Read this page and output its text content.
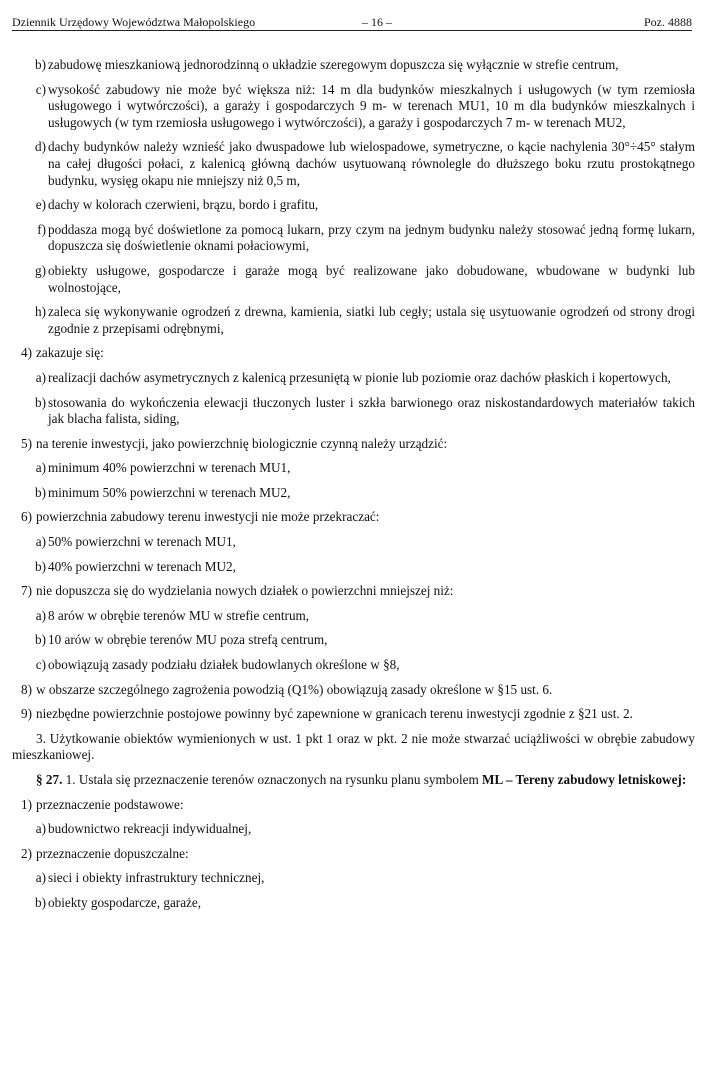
Dziennik Urzędowy Województwa Małopolskiego	– 16 –	Poz. 4888
b) zabudowę mieszkaniową jednorodzinną o układzie szeregowym dopuszcza się wyłącznie w strefie centrum,
c) wysokość zabudowy nie może być większa niż: 14 m dla budynków mieszkalnych i usługowych (w tym rzemiosła usługowego i wytwórczości), a garaży i gospodarczych 9 m- w terenach MU1, 10 m dla budynków mieszkalnych i usługowych (w tym rzemiosła usługowego i wytwórczości), a garaży i gospodarczych 7 m- w terenach MU2,
d) dachy budynków należy wznieść jako dwuspadowe lub wielospadowe, symetryczne, o kącie nachylenia 30°÷45° stałym na całej długości połaci, z kalenicą główną dachów usytuowaną równolegle do dłuższego boku rzutu prostokątnego budynku, wysięg okapu nie mniejszy niż 0,5 m,
e) dachy w kolorach czerwieni, brązu, bordo i grafitu,
f) poddasza mogą być doświetlone za pomocą lukarn, przy czym na jednym budynku należy stosować jedną formę lukarn, dopuszcza się doświetlenie oknami połaciowymi,
g) obiekty usługowe, gospodarcze i garaże mogą być realizowane jako dobudowane, wbudowane w budynki lub wolnostojące,
h) zaleca się wykonywanie ogrodzeń z drewna, kamienia, siatki lub cegły; ustala się usytuowanie ogrodzeń od strony drogi zgodnie z przepisami odrębnymi,
4) zakazuje się:
a) realizacji dachów asymetrycznych z kalenicą przesuniętą w pionie lub poziomie oraz dachów płaskich i kopertowych,
b) stosowania do wykończenia elewacji tłuczonych luster i szkła barwionego oraz niskostandardowych materiałów takich jak blacha falista, siding,
5) na terenie inwestycji, jako powierzchnię biologicznie czynną należy urządzić:
a) minimum 40% powierzchni w terenach MU1,
b) minimum 50% powierzchni w terenach MU2,
6) powierzchnia zabudowy terenu inwestycji nie może przekraczać:
a) 50% powierzchni w terenach MU1,
b) 40% powierzchni w terenach MU2,
7) nie dopuszcza się do wydzielania nowych działek o powierzchni mniejszej niż:
a) 8 arów w obrębie terenów MU w strefie centrum,
b) 10 arów w obrębie terenów MU poza strefą centrum,
c) obowiązują zasady podziału działek budowlanych określone w §8,
8) w obszarze szczególnego zagrożenia powodzią (Q1%) obowiązują zasady określone w §15 ust. 6.
9) niezbędne powierzchnie postojowe powinny być zapewnione w granicach terenu inwestycji zgodnie z §21 ust. 2.
3. Użytkowanie obiektów wymienionych w ust. 1 pkt 1 oraz w pkt. 2 nie może stwarzać uciążliwości w obrębie zabudowy mieszkaniowej.
§ 27. 1. Ustala się przeznaczenie terenów oznaczonych na rysunku planu symbolem ML – Tereny zabudowy letniskowej:
1) przeznaczenie podstawowe:
a) budownictwo rekreacji indywidualnej,
2) przeznaczenie dopuszczalne:
a) sieci i obiekty infrastruktury technicznej,
b) obiekty gospodarcze, garaże,
